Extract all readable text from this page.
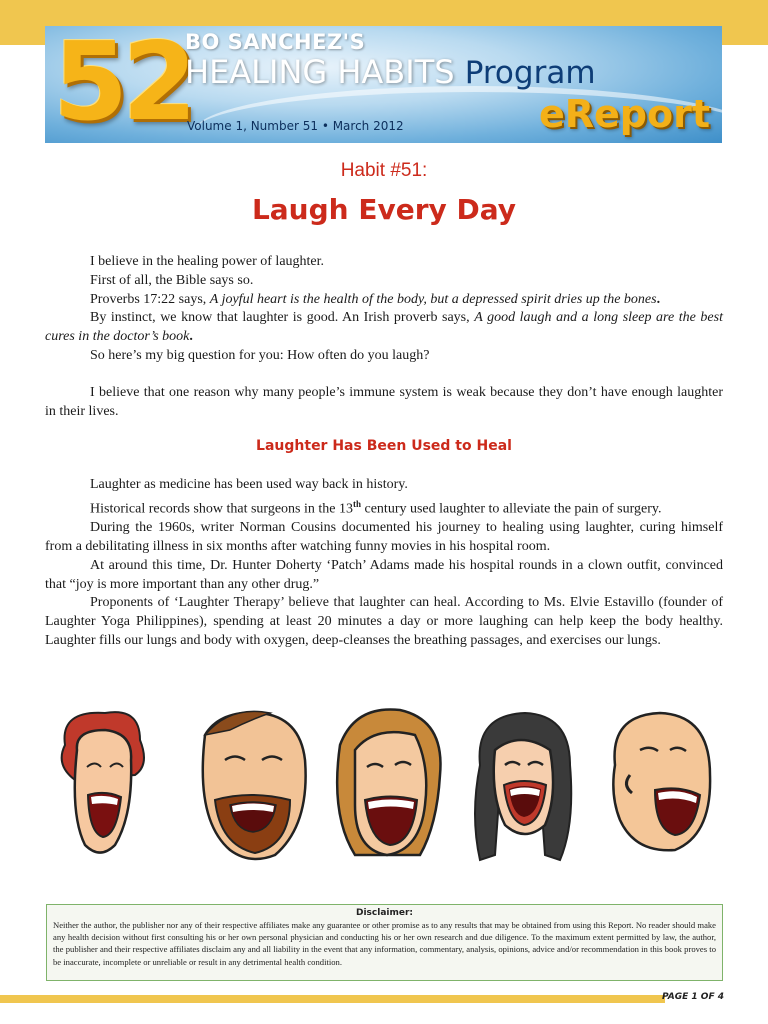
52
BO SANCHEZ'S
HEALING HABITS Program
Volume 1, Number 51 • March 2012	eReport
Habit #51:
Laugh Every Day

I believe in the healing power of laughter.

First of all, the Bible says so.

Proverbs 17:22 says, A joyful heart is the health of the body, but a depressed spirit dries up the bones.

By instinct, we know that laughter is good. An Irish proverb says, A good laugh and a long sleep are the best cures in the doctor’s book.

So here’s my big question for you: How often do you laugh?

I believe that one reason why many people’s immune system is weak because they don’t have enough laughter in their lives.

Laughter Has Been Used to Heal

Laughter as medicine has been used way back in history.

Historical records show that surgeons in the 13th century used laughter to alleviate the pain of surgery.

During the 1960s, writer Norman Cousins documented his journey to healing using laughter, curing himself from a debilitating illness in six months after watching funny movies in his hospital room.

At around this time, Dr. Hunter Doherty ‘Patch’ Adams made his hospital rounds in a clown outfit, convinced that “joy is more important than any other drug.”

Proponents of ‘Laughter Therapy’ believe that laughter can heal. According to Ms. Elvie Estavillo (founder of Laughter Yoga Philippines), spending at least 20 minutes a day or more laughing can help keep the body healthy. Laughter fills our lungs and body with oxygen, deep-cleanses the breathing passages, and exercises our lungs.

Disclaimer:
Neither the author, the publisher nor any of their respective affiliates make any guarantee or other promise as to any results that may be obtained from using this Report. No reader should make any health decision without first consulting his or her own personal physician and conducting his or her own research and due diligence. To the maximum extent permitted by law, the author, the publisher and their respective affiliates disclaim any and all liability in the event that any information, commentary, analysis, opinions, advice and/or recommendation in this book proves to be inaccurate, incomplete or unreliable or result in any detrimental health condition.
PAGE 1 OF 4
